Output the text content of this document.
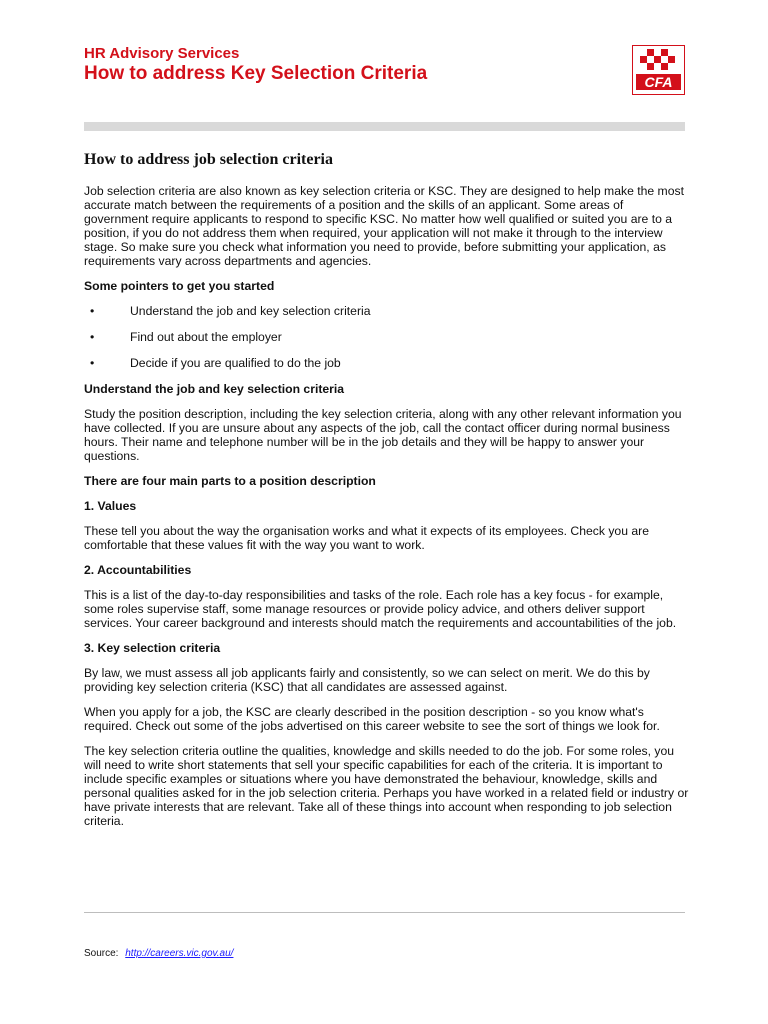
HR Advisory Services
How to address Key Selection Criteria	CFA
How to address job selection criteria

Job selection criteria are also known as key selection criteria or KSC. They are designed to help make the most accurate match between the requirements of a position and the skills of an applicant. Some areas of government require applicants to respond to specific KSC. No matter how well qualified or suited you are to a position, if you do not address them when required, your application will not make it through to the interview stage. So make sure you check what information you need to provide, before submitting your application, as requirements vary across departments and agencies.

Some pointers to get you started

•	Understand the job and key selection criteria
•	Find out about the employer
•	Decide if you are qualified to do the job

Understand the job and key selection criteria

Study the position description, including the key selection criteria, along with any other relevant information you have collected. If you are unsure about any aspects of the job, call the contact officer during normal business hours. Their name and telephone number will be in the job details and they will be happy to answer your questions.

There are four main parts to a position description

1. Values

These tell you about the way the organisation works and what it expects of its employees. Check you are comfortable that these values fit with the way you want to work.

2. Accountabilities

This is a list of the day-to-day responsibilities and tasks of the role. Each role has a key focus - for example, some roles supervise staff, some manage resources or provide policy advice, and others deliver support services. Your career background and interests should match the requirements and accountabilities of the job.

3. Key selection criteria

By law, we must assess all job applicants fairly and consistently, so we can select on merit. We do this by providing key selection criteria (KSC) that all candidates are assessed against.

When you apply for a job, the KSC are clearly described in the position description - so you know what's required. Check out some of the jobs advertised on this career website to see the sort of things we look for.

The key selection criteria outline the qualities, knowledge and skills needed to do the job. For some roles, you will need to write short statements that sell your specific capabilities for each of the criteria. It is important to include specific examples or situations where you have demonstrated the behaviour, knowledge, skills and personal qualities asked for in the job selection criteria. Perhaps you have worked in a related field or industry or have private interests that are relevant. Take all of these things into account when responding to job selection criteria.

Source: http://careers.vic.gov.au/
